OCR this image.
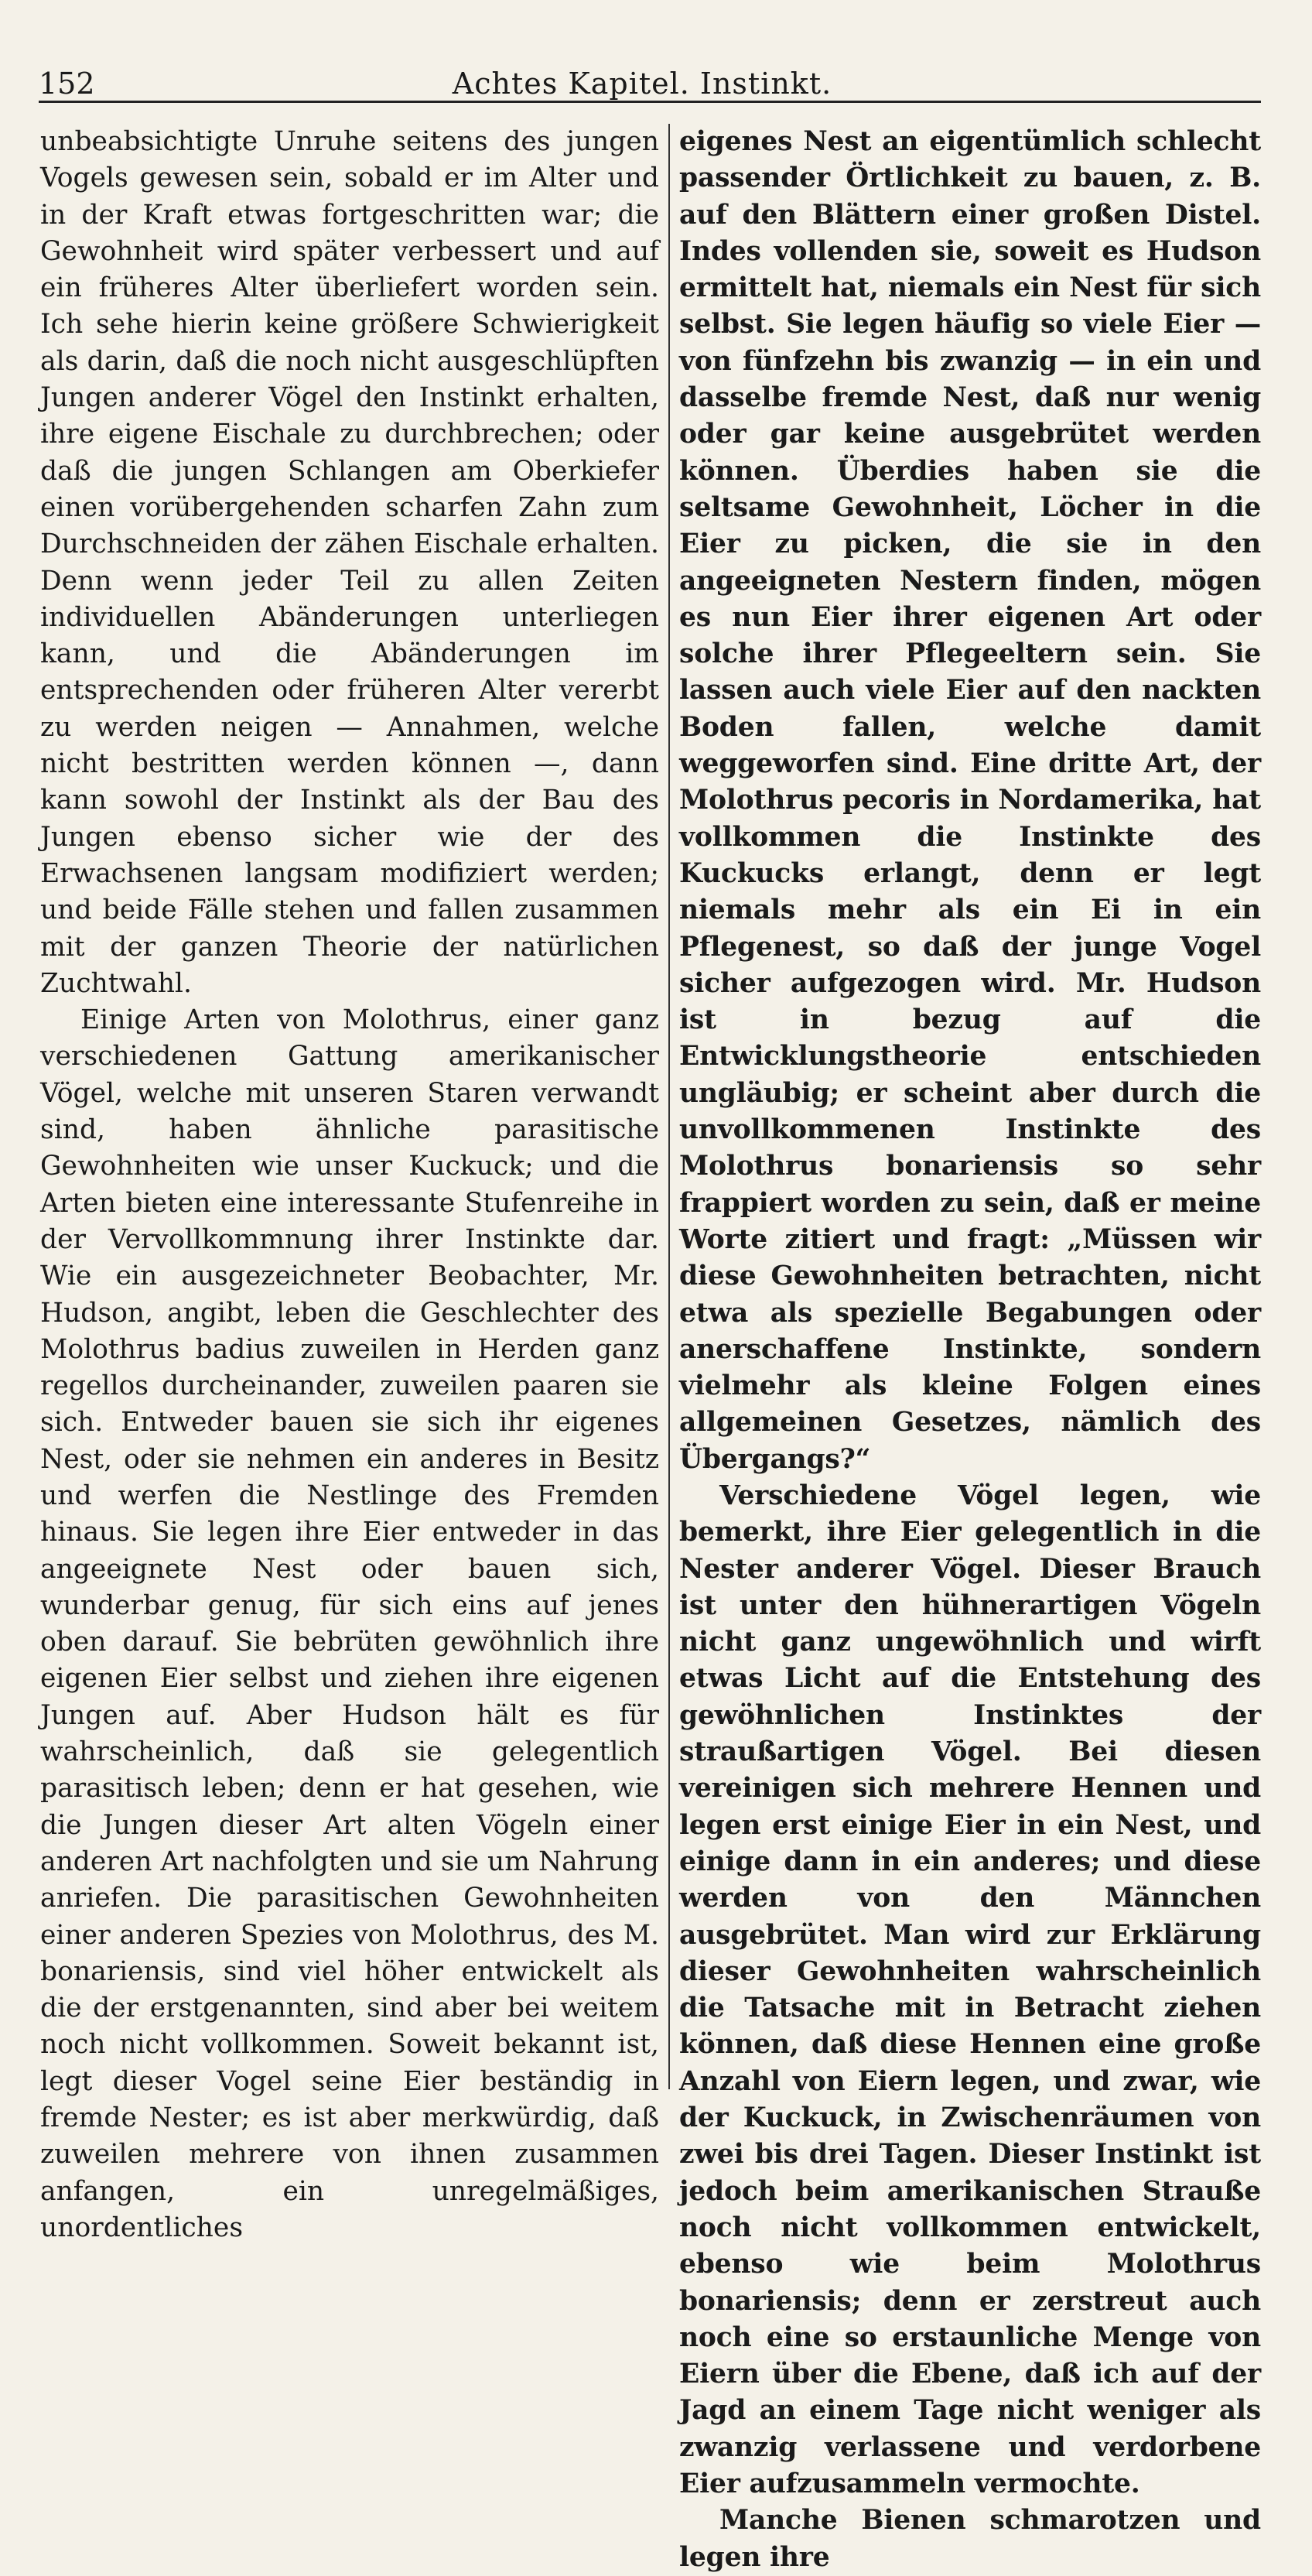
152	Achtes Kapitel. Instinkt.

unbeabsichtigte Unruhe seitens des jungen Vogels gewesen sein, sobald er im Alter und in der Kraft etwas fortgeschritten war; die Gewohnheit wird später verbessert und auf ein früheres Alter überliefert worden sein. Ich sehe hierin keine größere Schwierigkeit als darin, daß die noch nicht ausgeschlüpften Jungen anderer Vögel den Instinkt erhalten, ihre eigene Eischale zu durchbrechen; oder daß die jungen Schlangen am Oberkiefer einen vorübergehenden scharfen Zahn zum Durchschneiden der zähen Eischale erhalten. Denn wenn jeder Teil zu allen Zeiten individuellen Abänderungen unterliegen kann, und die Abänderungen im entsprechenden oder früheren Alter vererbt zu werden neigen — Annahmen, welche nicht bestritten werden können —, dann kann sowohl der Instinkt als der Bau des Jungen ebenso sicher wie der des Erwachsenen langsam modifiziert werden; und beide Fälle stehen und fallen zusammen mit der ganzen Theorie der natürlichen Zuchtwahl.

Einige Arten von Molothrus, einer ganz verschiedenen Gattung amerikanischer Vögel, welche mit unseren Staren verwandt sind, haben ähnliche parasitische Gewohnheiten wie unser Kuckuck; und die Arten bieten eine interessante Stufenreihe in der Vervollkommnung ihrer Instinkte dar. Wie ein ausgezeichneter Beobachter, Mr. Hudson, angibt, leben die Geschlechter des Molothrus badius zuweilen in Herden ganz regellos durcheinander, zuweilen paaren sie sich. Entweder bauen sie sich ihr eigenes Nest, oder sie nehmen ein anderes in Besitz und werfen die Nestlinge des Fremden hinaus. Sie legen ihre Eier entweder in das angeeignete Nest oder bauen sich, wunderbar genug, für sich eins auf jenes oben darauf. Sie bebrüten gewöhnlich ihre eigenen Eier selbst und ziehen ihre eigenen Jungen auf. Aber Hudson hält es für wahrscheinlich, daß sie gelegentlich parasitisch leben; denn er hat gesehen, wie die Jungen dieser Art alten Vögeln einer anderen Art nachfolgten und sie um Nahrung anriefen. Die parasitischen Gewohnheiten einer anderen Spezies von Molothrus, des M. bonariensis, sind viel höher entwickelt als die der erstgenannten, sind aber bei weitem noch nicht vollkommen. Soweit bekannt ist, legt dieser Vogel seine Eier beständig in fremde Nester; es ist aber merkwürdig, daß zuweilen mehrere von ihnen zusammen anfangen, ein unregelmäßiges, unordentliches

eigenes Nest an eigentümlich schlecht passender Örtlichkeit zu bauen, z. B. auf den Blättern einer großen Distel. Indes vollenden sie, soweit es Hudson ermittelt hat, niemals ein Nest für sich selbst. Sie legen häufig so viele Eier — von fünfzehn bis zwanzig — in ein und dasselbe fremde Nest, daß nur wenig oder gar keine ausgebrütet werden können. Überdies haben sie die seltsame Gewohnheit, Löcher in die Eier zu picken, die sie in den angeeigneten Nestern finden, mögen es nun Eier ihrer eigenen Art oder solche ihrer Pflegeeltern sein. Sie lassen auch viele Eier auf den nackten Boden fallen, welche damit weggeworfen sind. Eine dritte Art, der Molothrus pecoris in Nordamerika, hat vollkommen die Instinkte des Kuckucks erlangt, denn er legt niemals mehr als ein Ei in ein Pflegenest, so daß der junge Vogel sicher aufgezogen wird. Mr. Hudson ist in bezug auf die Entwicklungstheorie entschieden ungläubig; er scheint aber durch die unvollkommenen Instinkte des Molothrus bonariensis so sehr frappiert worden zu sein, daß er meine Worte zitiert und fragt: „Müssen wir diese Gewohnheiten betrachten, nicht etwa als spezielle Begabungen oder anerschaffene Instinkte, sondern vielmehr als kleine Folgen eines allgemeinen Gesetzes, nämlich des Übergangs?“

Verschiedene Vögel legen, wie bemerkt, ihre Eier gelegentlich in die Nester anderer Vögel. Dieser Brauch ist unter den hühnerartigen Vögeln nicht ganz ungewöhnlich und wirft etwas Licht auf die Entstehung des gewöhnlichen Instinktes der straußartigen Vögel. Bei diesen vereinigen sich mehrere Hennen und legen erst einige Eier in ein Nest, und einige dann in ein anderes; und diese werden von den Männchen ausgebrütet. Man wird zur Erklärung dieser Gewohnheiten wahrscheinlich die Tatsache mit in Betracht ziehen können, daß diese Hennen eine große Anzahl von Eiern legen, und zwar, wie der Kuckuck, in Zwischenräumen von zwei bis drei Tagen. Dieser Instinkt ist jedoch beim amerikanischen Strauße noch nicht vollkommen entwickelt, ebenso wie beim Molothrus bonariensis; denn er zerstreut auch noch eine so erstaunliche Menge von Eiern über die Ebene, daß ich auf der Jagd an einem Tage nicht weniger als zwanzig verlassene und verdorbene Eier aufzusammeln vermochte.

Manche Bienen schmarotzen und legen ihre
